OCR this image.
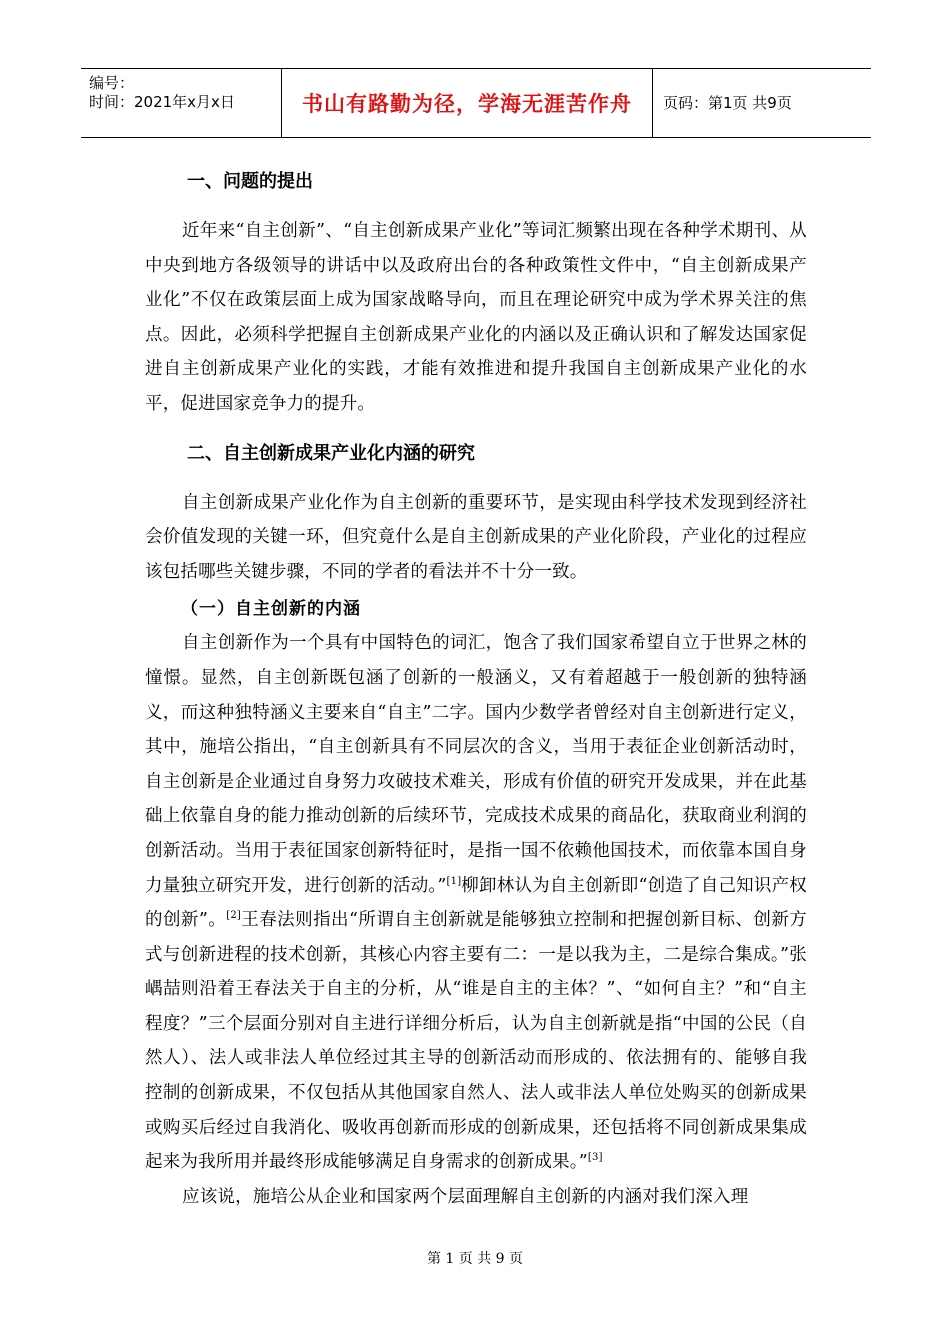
编号：
时间：2021年x月x日	书山有路勤为径，学海无涯苦作舟	页码：第1页 共9页

一、问题的提出

近年来“自主创新”、“自主创新成果产业化”等词汇频繁出现在各种学术期刊、从中央到地方各级领导的讲话中以及政府出台的各种政策性文件中，“自主创新成果产业化”不仅在政策层面上成为国家战略导向，而且在理论研究中成为学术界关注的焦点。因此，必须科学把握自主创新成果产业化的内涵以及正确认识和了解发达国家促进自主创新成果产业化的实践，才能有效推进和提升我国自主创新成果产业化的水平，促进国家竞争力的提升。

二、自主创新成果产业化内涵的研究

自主创新成果产业化作为自主创新的重要环节，是实现由科学技术发现到经济社会价值发现的关键一环，但究竟什么是自主创新成果的产业化阶段，产业化的过程应该包括哪些关键步骤，不同的学者的看法并不十分一致。

（一）自主创新的内涵

自主创新作为一个具有中国特色的词汇，饱含了我们国家希望自立于世界之林的憧憬。显然，自主创新既包涵了创新的一般涵义，又有着超越于一般创新的独特涵义，而这种独特涵义主要来自“自主”二字。国内少数学者曾经对自主创新进行定义，其中，施培公指出，“自主创新具有不同层次的含义，当用于表征企业创新活动时，自主创新是企业通过自身努力攻破技术难关，形成有价值的研究开发成果，并在此基础上依靠自身的能力推动创新的后续环节，完成技术成果的商品化，获取商业利润的创新活动。当用于表征国家创新特征时，是指一国不依赖他国技术，而依靠本国自身力量独立研究开发，进行创新的活动。”[1]柳卸林认为自主创新即“创造了自己知识产权的创新”。[2]王春法则指出“所谓自主创新就是能够独立控制和把握创新目标、创新方式与创新进程的技术创新，其核心内容主要有二：一是以我为主，二是综合集成。”张嵎喆则沿着王春法关于自主的分析，从“谁是自主的主体？”、“如何自主？”和“自主程度？”三个层面分别对自主进行详细分析后，认为自主创新就是指“中国的公民（自然人）、法人或非法人单位经过其主导的创新活动而形成的、依法拥有的、能够自我控制的创新成果，不仅包括从其他国家自然人、法人或非法人单位处购买的创新成果或购买后经过自我消化、吸收再创新而形成的创新成果，还包括将不同创新成果集成起来为我所用并最终形成能够满足自身需求的创新成果。”[3]

应该说，施培公从企业和国家两个层面理解自主创新的内涵对我们深入理

第 1 页 共 9 页
